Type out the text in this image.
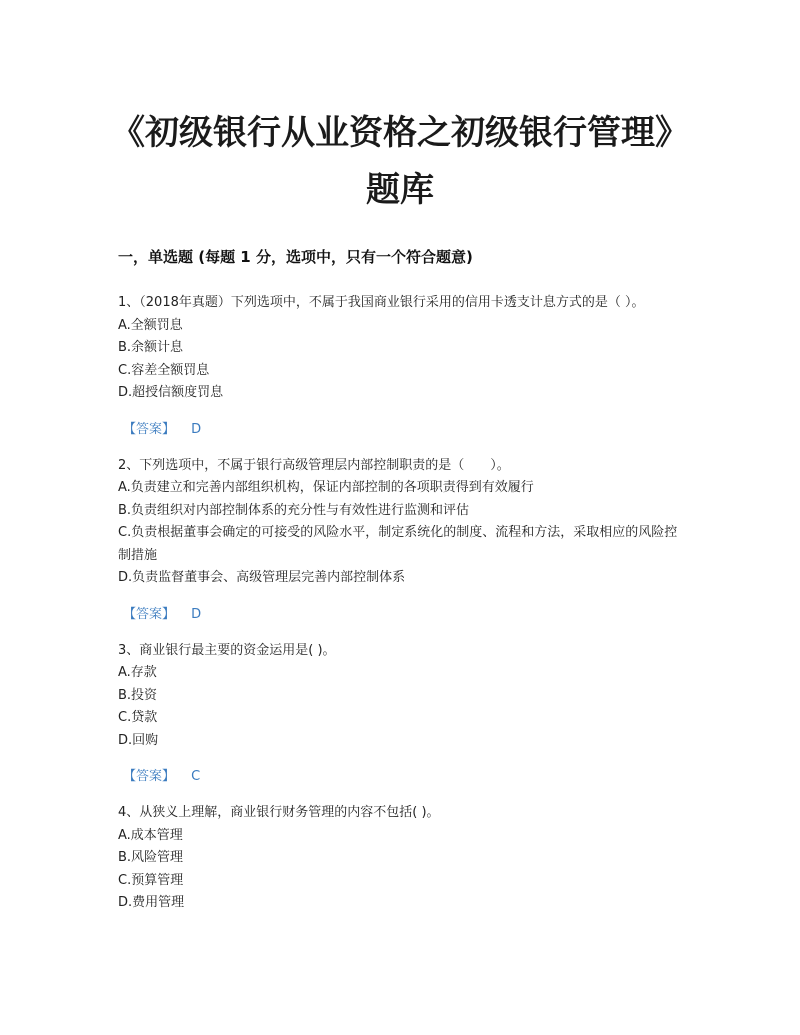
《初级银行从业资格之初级银行管理》题库
一，单选题 (每题 1 分，选项中，只有一个符合题意)

1、（2018年真题）下列选项中，不属于我国商业银行采用的信用卡透支计息方式的是（ ）。

A.全额罚息

B.余额计息

C.容差全额罚息

D.超授信额度罚息

【答案】 D

2、下列选项中，不属于银行高级管理层内部控制职责的是（　　）。

A.负责建立和完善内部组织机构，保证内部控制的各项职责得到有效履行

B.负责组织对内部控制体系的充分性与有效性进行监测和评估

C.负责根据董事会确定的可接受的风险水平，制定系统化的制度、流程和方法，采取相应的风险控制措施

D.负责监督董事会、高级管理层完善内部控制体系

【答案】 D

3、商业银行最主要的资金运用是( )。

A.存款

B.投资

C.贷款

D.回购

【答案】 C

4、从狭义上理解，商业银行财务管理的内容不包括( )。

A.成本管理

B.风险管理

C.预算管理

D.费用管理
